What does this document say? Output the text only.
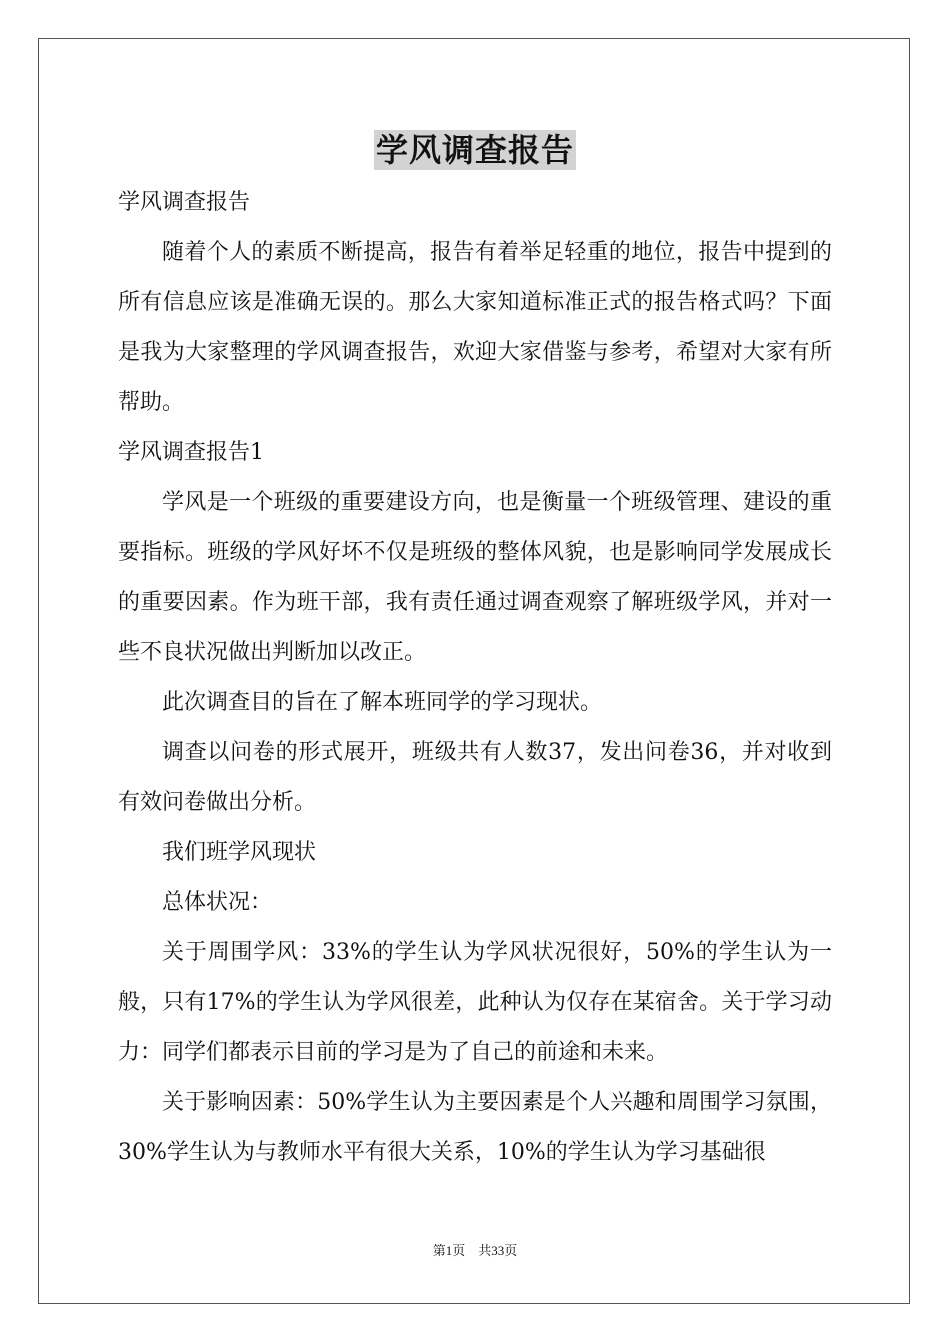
学风调查报告

学风调查报告

随着个人的素质不断提高，报告有着举足轻重的地位，报告中提到的所有信息应该是准确无误的。那么大家知道标准正式的报告格式吗？下面是我为大家整理的学风调查报告，欢迎大家借鉴与参考，希望对大家有所帮助。

学风调查报告1

学风是一个班级的重要建设方向，也是衡量一个班级管理、建设的重要指标。班级的学风好坏不仅是班级的整体风貌，也是影响同学发展成长的重要因素。作为班干部，我有责任通过调查观察了解班级学风，并对一些不良状况做出判断加以改正。

此次调查目的旨在了解本班同学的学习现状。

调查以问卷的形式展开，班级共有人数37，发出问卷36，并对收到有效问卷做出分析。

我们班学风现状

总体状况：

关于周围学风：33%的学生认为学风状况很好，50%的学生认为一般，只有17%的学生认为学风很差，此种认为仅存在某宿舍。关于学习动力：同学们都表示目前的学习是为了自己的前途和未来。

关于影响因素：50%学生认为主要因素是个人兴趣和周围学习氛围，30%学生认为与教师水平有很大关系，10%的学生认为学习基础很

第1页　共33页
